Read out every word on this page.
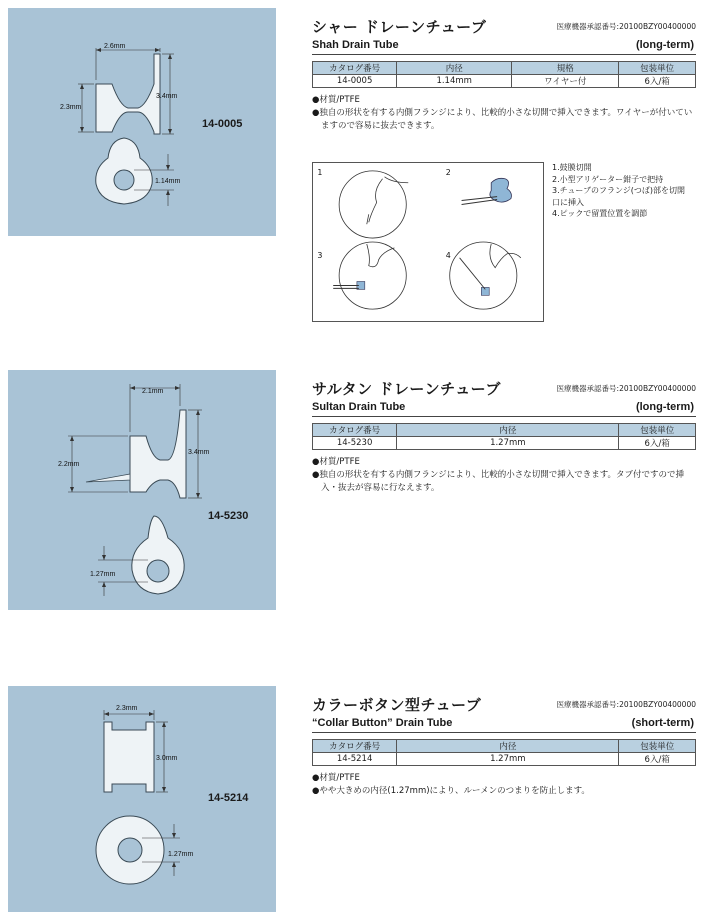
2.6mm
2.3mm
3.4mm
1.14mm
14-0005
シャー ドレーンチューブ	医療機器承認番号:20100BZY00400000
Shah Drain Tube	(long-term)
カタログ番号	内径	規格	包装単位
14-0005	1.14mm	ワイヤー付	6入/箱

●材質/PTFE

●独自の形状を有する内側フランジにより、比較的小さな切開で挿入できます。ワイヤーが付いていますので容易に抜去できます。

1	2
3	4

1.鼓膜切開

2.小型アリゲーター鉗子で把持

3.チューブのフランジ(つば)部を切開口に挿入

4.ピックで留置位置を調節

2.1mm
2.2mm
3.4mm
1.27mm
14-5230
サルタン ドレーンチューブ	医療機器承認番号:20100BZY00400000
Sultan Drain Tube	(long-term)
カタログ番号	内径	包装単位
14-5230	1.27mm	6入/箱

●材質/PTFE

●独自の形状を有する内側フランジにより、比較的小さな切開で挿入できます。タブ付ですので挿入・抜去が容易に行なえます。

2.3mm
3.0mm
1.27mm
14-5214
カラーボタン型チューブ	医療機器承認番号:20100BZY00400000
“Collar Button” Drain Tube	(short-term)
カタログ番号	内径	包装単位
14-5214	1.27mm	6入/箱

●材質/PTFE

●やや大きめの内径(1.27mm)により、ルーメンのつまりを防止します。
